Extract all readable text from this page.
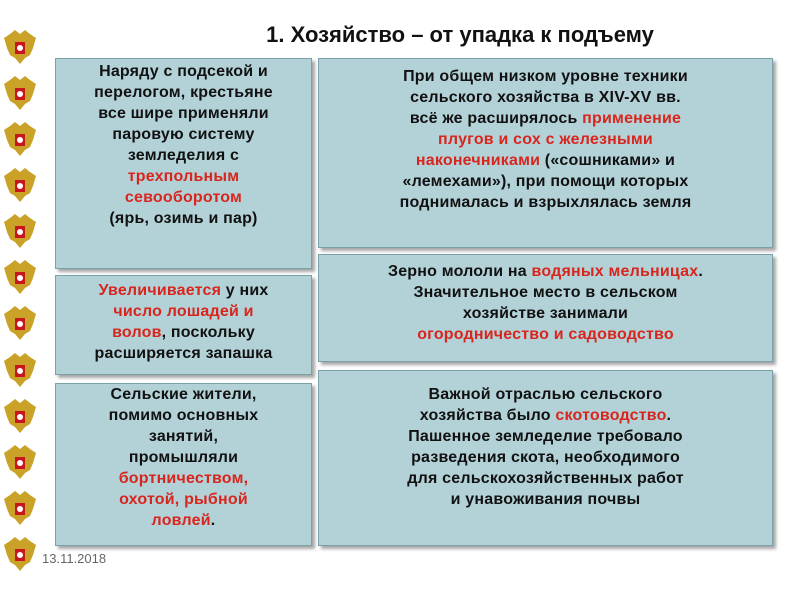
1. Хозяйство – от упадка к подъему
Наряду с подсекой и
перелогом, крестьяне
все шире применяли
паровую систему
земледелия с
трехпольным
севооборотом
(ярь, озимь и пар)
Увеличивается у них
число лошадей и
волов, поскольку
расширяется запашка
Сельские жители,
помимо основных
занятий,
промышляли
бортничеством,
охотой, рыбной
ловлей.
При общем низком уровне техники
сельского хозяйства в XIV-XV вв.
всё же расширялось применение
плугов и сох с железными
наконечниками («сошниками» и
«лемехами»), при помощи которых
поднималась и взрыхлялась земля
Зерно мололи на водяных мельницах.
Значительное место в сельском
хозяйстве занимали
огородничество и садоводство
Важной отраслью сельского
хозяйства было скотоводство.
Пашенное земледелие требовало
разведения скота, необходимого
для сельскохозяйственных работ
и унавоживания почвы
13.11.2018
